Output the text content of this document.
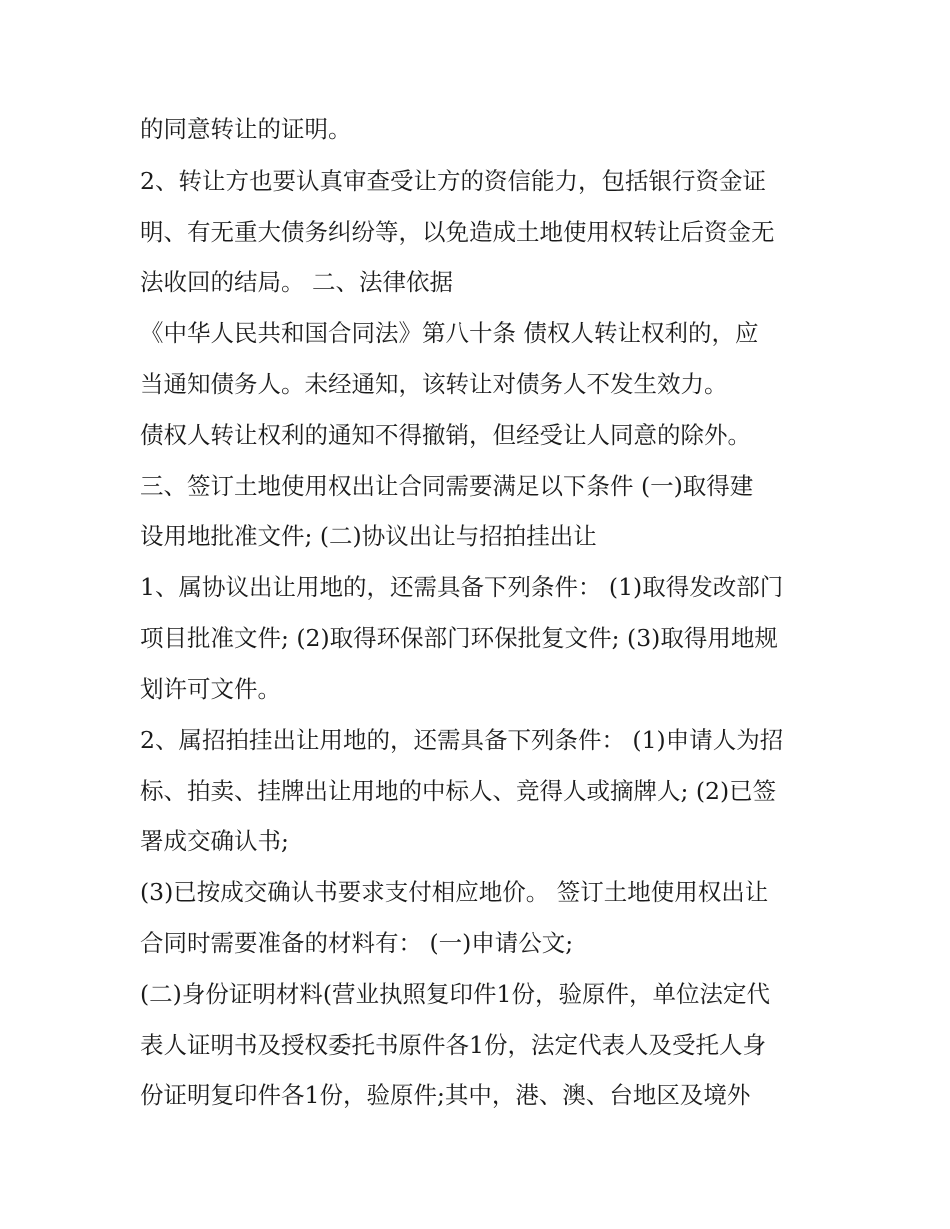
的同意转让的证明。
2、转让方也要认真审查受让方的资信能力，包括银行资金证
明、有无重大债务纠纷等，以免造成土地使用权转让后资金无
法收回的结局。 二、法律依据
《中华人民共和国合同法》第八十条 债权人转让权利的，应
当通知债务人。未经通知，该转让对债务人不发生效力。
债权人转让权利的通知不得撤销，但经受让人同意的除外。
三、签订土地使用权出让合同需要满足以下条件 (一)取得建
设用地批准文件; (二)协议出让与招拍挂出让
1、属协议出让用地的，还需具备下列条件： (1)取得发改部门
项目批准文件; (2)取得环保部门环保批复文件; (3)取得用地规
划许可文件。
2、属招拍挂出让用地的，还需具备下列条件： (1)申请人为招
标、拍卖、挂牌出让用地的中标人、竞得人或摘牌人; (2)已签
署成交确认书;
(3)已按成交确认书要求支付相应地价。 签订土地使用权出让
合同时需要准备的材料有： (一)申请公文;
(二)身份证明材料(营业执照复印件1份，验原件，单位法定代
表人证明书及授权委托书原件各1份，法定代表人及受托人身
份证明复印件各1份，验原件;其中，港、澳、台地区及境外
